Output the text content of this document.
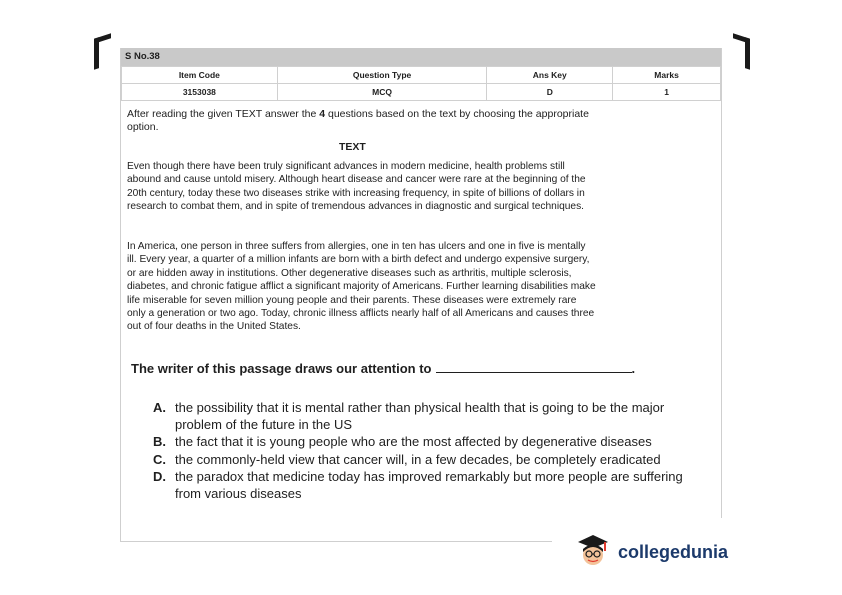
S No.38
Item Code	Question Type	Ans Key	Marks
3153038	MCQ	D	1
After reading the given TEXT answer the 4 questions based on the text by choosing the appropriate option.
TEXT
Even though there have been truly significant advances in modern medicine, health problems still abound and cause untold misery. Although heart disease and cancer were rare at the beginning of the 20th century, today these two diseases strike with increasing frequency, in spite of billions of dollars in research to combat them, and in spite of tremendous advances in diagnostic and surgical techniques.
In America, one person in three suffers from allergies, one in ten has ulcers and one in five is mentally ill. Every year, a quarter of a million infants are born with a birth defect and undergo expensive surgery, or are hidden away in institutions. Other degenerative diseases such as arthritis, multiple sclerosis, diabetes, and chronic fatigue afflict a significant majority of Americans. Further learning disabilities make life miserable for seven million young people and their parents. These diseases were extremely rare only a generation or two ago. Today, chronic illness afflicts nearly half of all Americans and causes three out of four deaths in the United States.
The writer of this passage draws our attention to	.
A. the possibility that it is mental rather than physical health that is going to be the major problem of the future in the US
B. the fact that it is young people who are the most affected by degenerative diseases
C. the commonly-held view that cancer will, in a few decades, be completely eradicated
D. the paradox that medicine today has improved remarkably but more people are suffering from various diseases
collegedunia
